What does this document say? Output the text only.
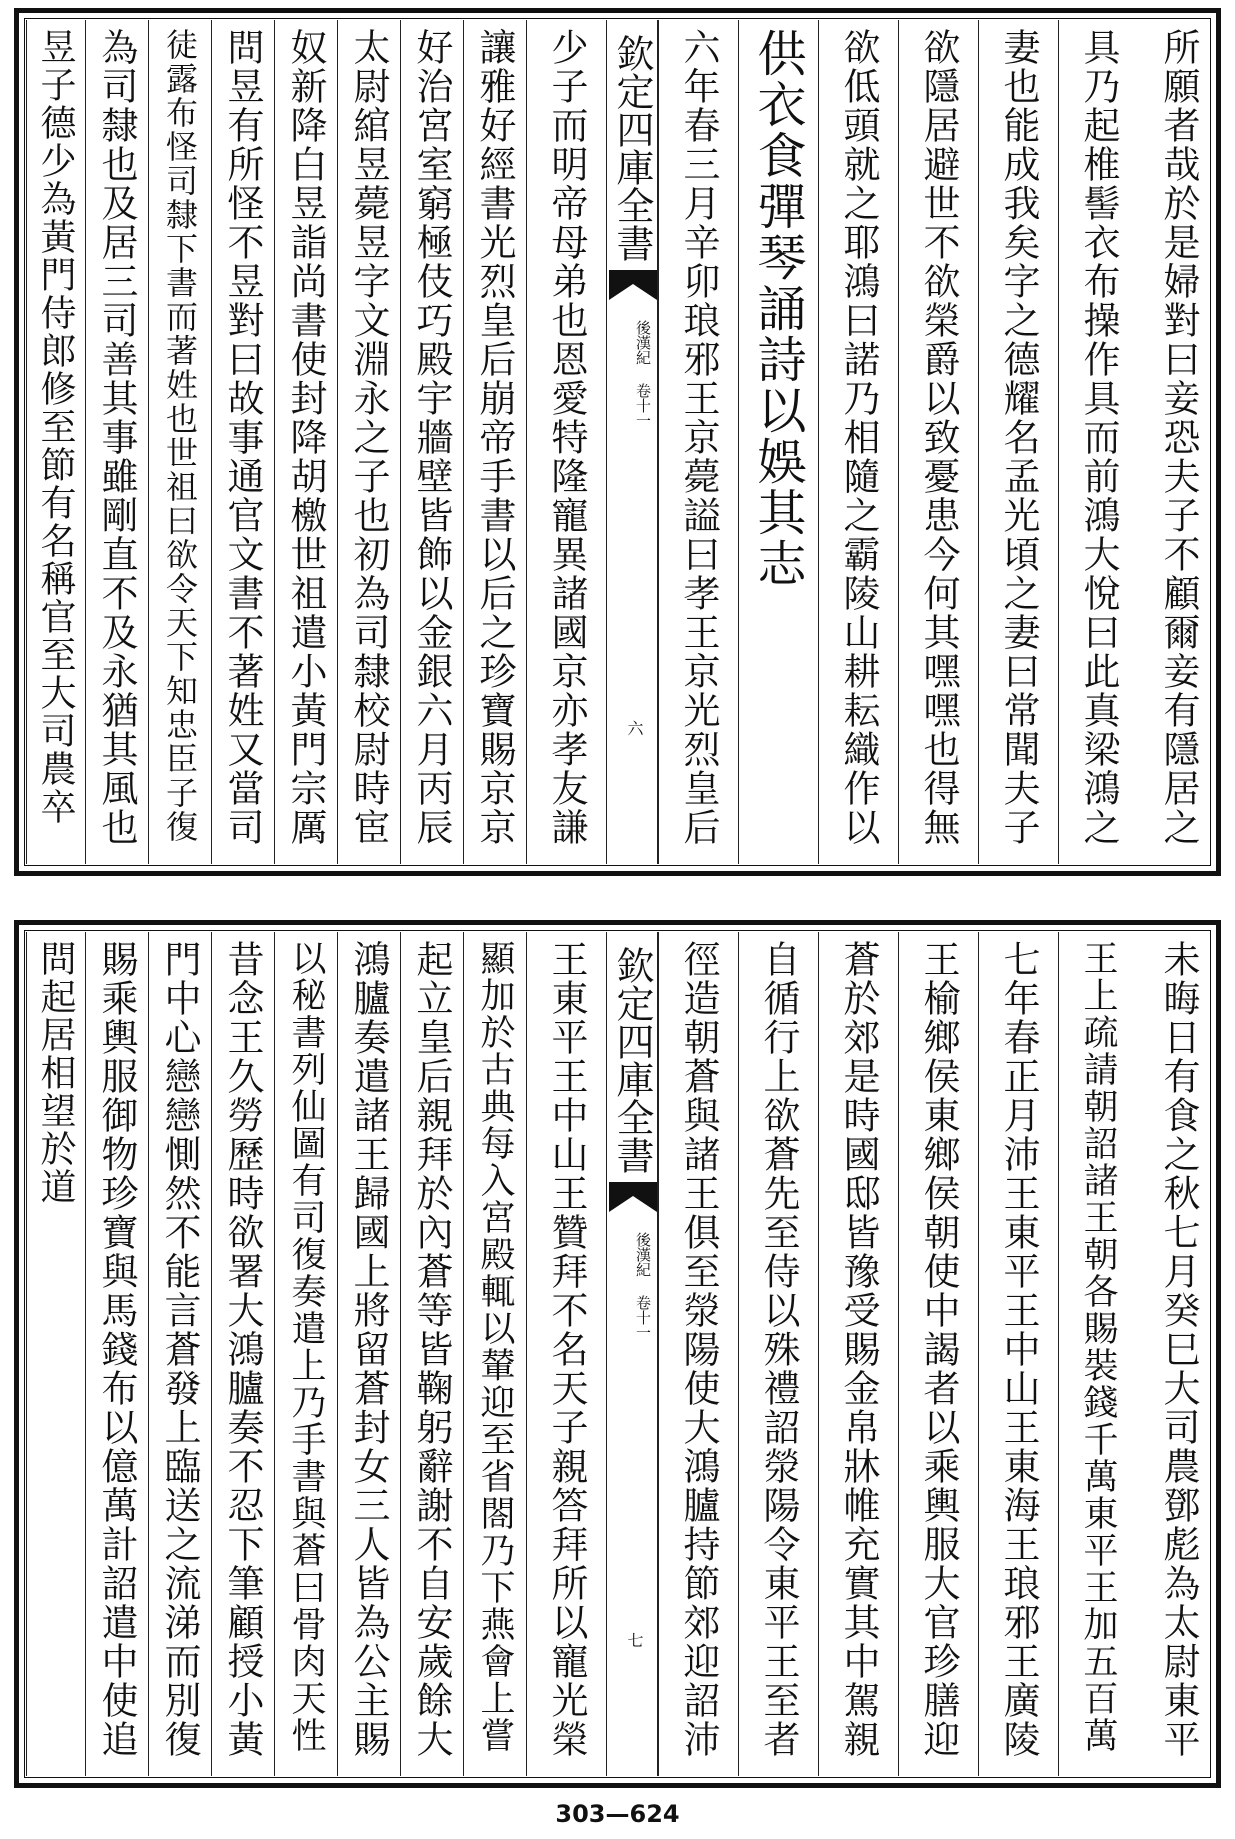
所願者哉於是婦對曰妾恐夫子不顧爾妾有隱居之
具乃起椎髻衣布操作具而前鴻大悅曰此真梁鴻之
妻也能成我矣字之德耀名孟光頃之妻曰常聞夫子
欲隱居避世不欲榮爵以致憂患今何其嘿嘿也得無
欲低頭就之耶鴻曰諾乃相隨之霸陵山耕耘織作以
供衣食彈琴誦詩以娛其志
六年春三月辛卯琅邪王京薨謚曰孝王京光烈皇后
欽定四庫全書
後漢紀 卷十一
六
少子而明帝母弟也恩愛特隆寵異諸國京亦孝友謙
讓雅好經書光烈皇后崩帝手書以后之珍寶賜京京
好治宮室窮極伎巧殿宇牆壁皆飾以金銀六月丙辰
太尉綰昱薨昱字文淵永之子也初為司隸校尉時宦
奴新降白昱詣尚書使封降胡檄世祖遣小黃門宗厲
問昱有所怪不昱對曰故事通官文書不著姓又當司
徒露布怪司隸下書而著姓也世祖曰欲令天下知忠臣子復
為司隸也及居三司善其事雖剛直不及永猶其風也
昱子德少為黃門侍郎修至節有名稱官至大司農卒
未晦日有食之秋七月癸巳大司農鄧彪為太尉東平
王上疏請朝詔諸王朝各賜裝錢千萬東平王加五百萬
七年春正月沛王東平王中山王東海王琅邪王廣陵
王榆鄉侯東鄉侯朝使中謁者以乘輿服大官珍膳迎
蒼於郊是時國邸皆豫受賜金帛牀帷充實其中駕親
自循行上欲蒼先至侍以殊禮詔滎陽令東平王至者
徑造朝蒼與諸王俱至滎陽使大鴻臚持節郊迎詔沛
欽定四庫全書
後漢紀 卷十一
七
王東平王中山王贊拜不名天子親答拜所以寵光榮
顯加於古典每入宮殿輒以輦迎至省閤乃下燕會上嘗
起立皇后親拜於內蒼等皆鞠躬辭謝不自安歲餘大
鴻臚奏遣諸王歸國上將留蒼封女三人皆為公主賜
以秘書列仙圖有司復奏遣上乃手書與蒼曰骨肉天性
昔念王久勞歷時欲署大鴻臚奏不忍下筆顧授小黃
門中心戀戀惻然不能言蒼發上臨送之流涕而別復
賜乘輿服御物珍寶與馬錢布以億萬計詔遣中使追
問起居相望於道
303—624
